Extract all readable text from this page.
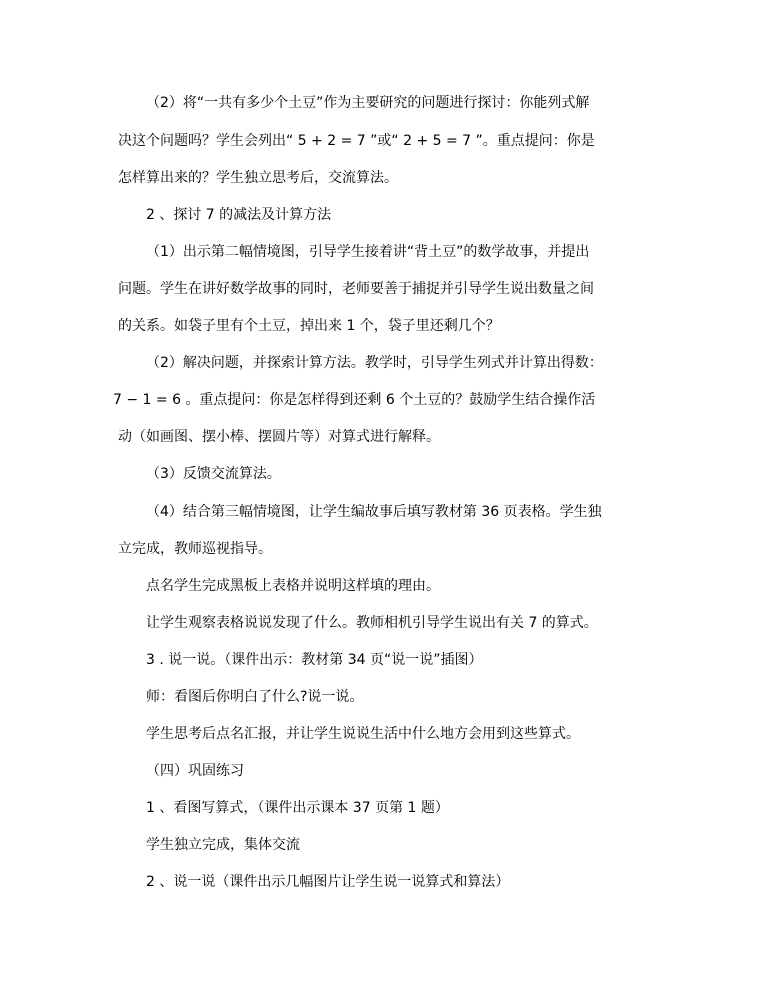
（2）将“一共有多少个土豆”作为主要研究的问题进行探讨：你能列式解
决这个问题吗？学生会列出“ 5 + 2 = 7 ”或“ 2 + 5 = 7 ”。重点提问：你是
怎样算出来的？学生独立思考后，交流算法。
2 、探讨 7 的减法及计算方法
（1）出示第二幅情境图，引导学生接着讲“背土豆”的数学故事，并提出
问题。学生在讲好数学故事的同时，老师要善于捕捉并引导学生说出数量之间
的关系。如袋子里有个土豆，掉出来 1 个，袋子里还剩几个？
（2）解决问题，并探索计算方法。教学时，引导学生列式并计算出得数：
7 − 1 = 6 。重点提问：你是怎样得到还剩 6 个土豆的？鼓励学生结合操作活
动（如画图、摆小棒、摆圆片等）对算式进行解释。
（3）反馈交流算法。
（4）结合第三幅情境图，让学生编故事后填写教材第 36 页表格。学生独
立完成，教师巡视指导。
点名学生完成黑板上表格并说明这样填的理由。
让学生观察表格说说发现了什么。教师相机引导学生说出有关 7 的算式。
3 . 说一说。（课件出示：教材第 34 页“说一说”插图）
师：看图后你明白了什么?说一说。
学生思考后点名汇报，并让学生说说生活中什么地方会用到这些算式。
（四）巩固练习
1 、看图写算式，（课件出示课本 37 页第 1 题）
学生独立完成，集体交流
2 、说一说（课件出示几幅图片让学生说一说算式和算法）
